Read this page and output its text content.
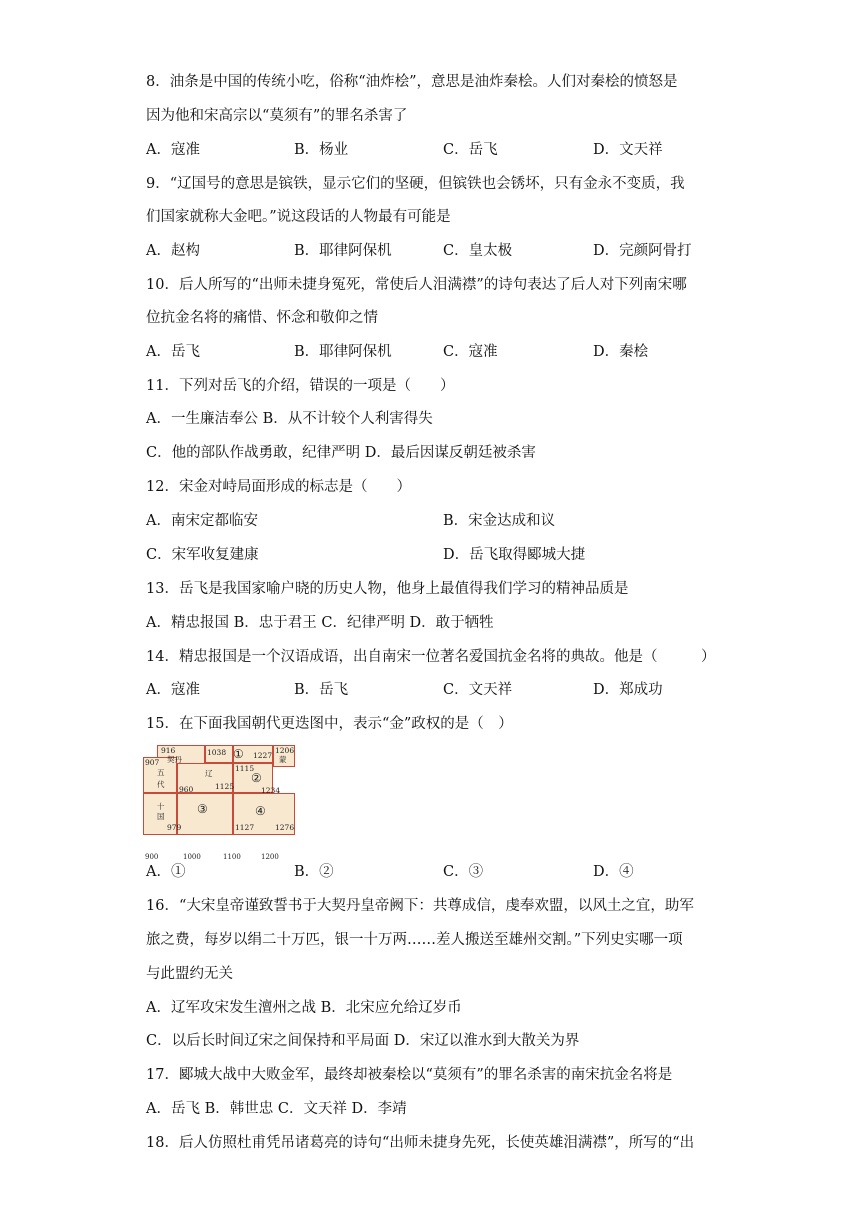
8．油条是中国的传统小吃，俗称“油炸桧”，意思是油炸秦桧。人们对秦桧的愤怒是
因为他和宋高宗以“莫须有”的罪名杀害了
A．寇准	B．杨业	C．岳飞	D．文天祥
9．“辽国号的意思是镔铁，显示它们的坚硬，但镔铁也会锈坏，只有金永不变质，我
们国家就称大金吧。”说这段话的人物最有可能是
A．赵构	B．耶律阿保机	C．皇太极	D．完颜阿骨打
10．后人所写的“出师未捷身冤死，常使后人泪满襟”的诗句表达了后人对下列南宋哪
位抗金名将的痛惜、怀念和敬仰之情
A．岳飞	B．耶律阿保机	C．寇准	D．秦桧
11．下列对岳飞的介绍，错误的一项是（　　）
A．一生廉洁奉公 B．从不计较个人利害得失
C．他的部队作战勇敢，纪律严明 D．最后因谋反朝廷被杀害
12．宋金对峙局面形成的标志是（　　）
A．南宋定都临安	B．宋金达成和议
C．宋军收复建康	D．岳飞取得郾城大捷
13．岳飞是我国家喻户晓的历史人物，他身上最值得我们学习的精神品质是
A．精忠报国 B．忠于君王 C．纪律严明 D．敢于牺牲
14．精忠报国是一个汉语成语，出自南宋一位著名爱国抗金名将的典故。他是（　　　）
A．寇准	B．岳飞	C．文天祥	D．郑成功
15．在下面我国朝代更迭图中，表示“金”政权的是（　）
907
916
契丹
1038 ① 1227
1206
蒙
辽
1115
②
1125
五
代
960	1234
十
国
③	④
979	1127	1276
900	1000	1100	1200
A．①	B．②	C．③	D．④
16．“大宋皇帝谨致誓书于大契丹皇帝阙下：共尊成信，虔奉欢盟，以风土之宜，助军
旅之费，每岁以绢二十万匹，银一十万两……差人搬送至雄州交割。”下列史实哪一项
与此盟约无关
A．辽军攻宋发生澶州之战 B．北宋应允给辽岁币
C．以后长时间辽宋之间保持和平局面 D．宋辽以淮水到大散关为界
17．郾城大战中大败金军，最终却被秦桧以“莫须有”的罪名杀害的南宋抗金名将是
A．岳飞 B．韩世忠 C．文天祥 D．李靖
18．后人仿照杜甫凭吊诸葛亮的诗句“出师未捷身先死，长使英雄泪满襟”，所写的“出
